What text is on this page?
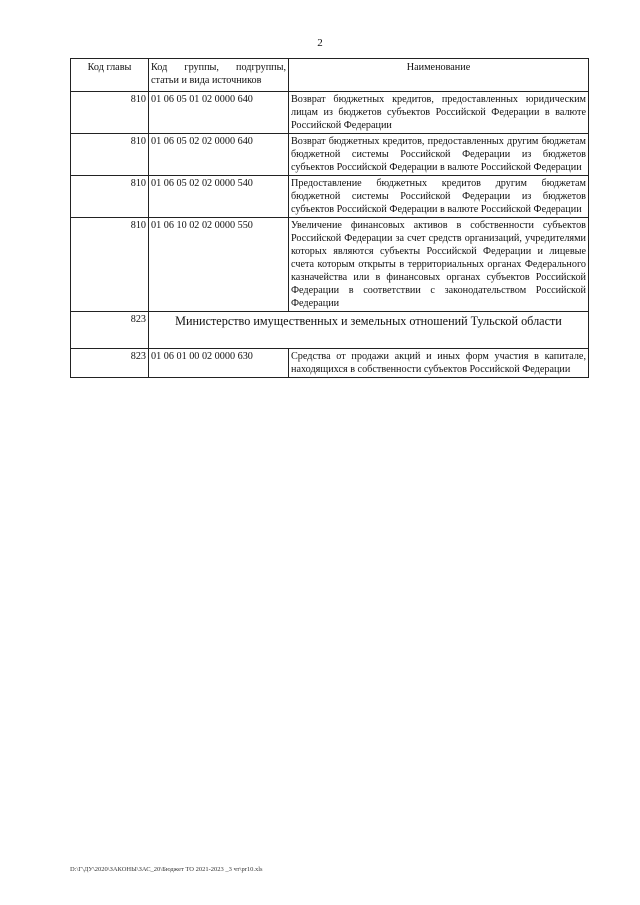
2
Код главы	Код группы, подгруппы, статьи и вида источников	Наименование
810	01 06 05 01 02 0000 640	Возврат бюджетных кредитов, предоставленных юридическим лицам из бюджетов субъектов Российской Федерации в валюте Российской Федерации
810	01 06 05 02 02 0000 640	Возврат бюджетных кредитов, предоставленных другим бюджетам бюджетной системы Российской Федерации из бюджетов субъектов Российской Федерации в валюте Российской Федерации
810	01 06 05 02 02 0000 540	Предоставление бюджетных кредитов другим бюджетам бюджетной системы Российской Федерации из бюджетов субъектов Российской Федерации в валюте Российской Федерации
810	01 06 10 02 02 0000 550	Увеличение финансовых активов в собственности субъектов Российской Федерации за счет средств организаций, учредителями которых являются субъекты Российской Федерации и лицевые счета которым открыты в территориальных органах Федерального казначейства или в финансовых органах субъектов Российской Федерации в соответствии с законодательством Российской Федерации
823	Министерство имущественных и земельных отношений Тульской области	
823	01 06 01 00 02 0000 630	Средства от продажи акций и иных форм участия в капитале, находящихся в собственности субъектов Российской Федерации
D:\Г\ДУ\2020\ЗАКОНЫ\ЗАС_20\Бюджет ТО 2021-2023 _3 чт\pr10.xls
